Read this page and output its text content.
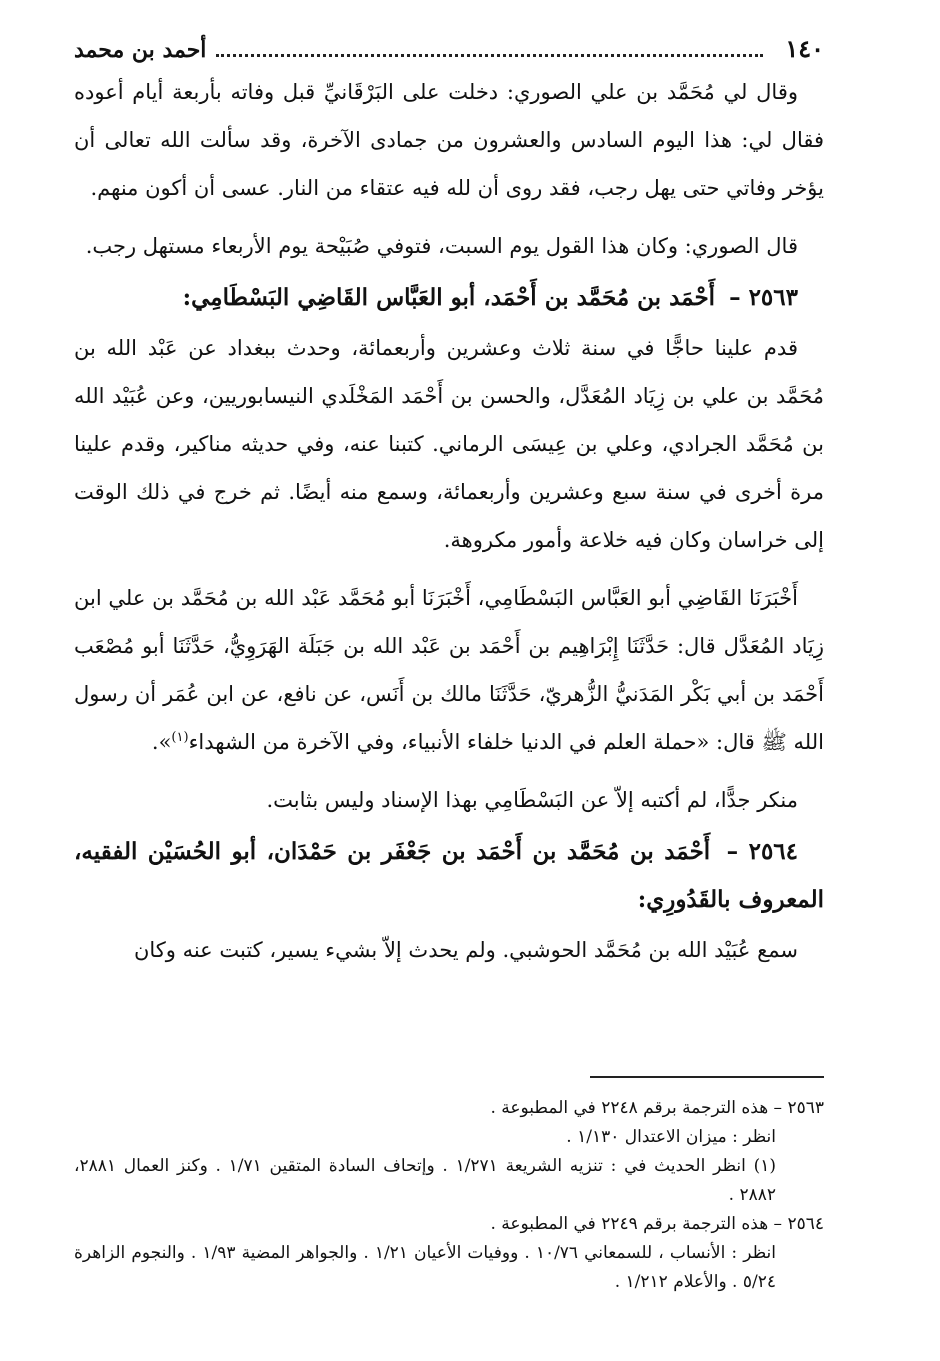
١٤٠
أحمد بن محمد

وقال لي مُحَمَّد بن علي الصوري: دخلت على البَرْقَانيِّ قبل وفاته بأربعة أيام أعوده فقال لي: هذا اليوم السادس والعشرون من جمادى الآخرة، وقد سألت الله تعالى أن يؤخر وفاتي حتى يهل رجب، فقد روى أن لله فيه عتقاء من النار. عسى أن أكون منهم.

قال الصوري: وكان هذا القول يوم السبت، فتوفي صُبَيْحة يوم الأربعاء مستهل رجب.

٢٥٦٣ – أَحْمَد بن مُحَمَّد بن أَحْمَد، أبو العَبَّاس القَاضِي البَسْطَامِي:

قدم علينا حاجًّا في سنة ثلاث وعشرين وأربعمائة، وحدث ببغداد عن عَبْد الله بن مُحَمَّد بن علي بن زِيَاد المُعَدَّل، والحسن بن أَحْمَد المَخْلَدي النيسابوريين، وعن عُبَيْد الله بن مُحَمَّد الجرادي، وعلي بن عِيسَى الرماني. كتبنا عنه، وفي حديثه مناكير، وقدم علينا مرة أخرى في سنة سبع وعشرين وأربعمائة، وسمع منه أيضًا. ثم خرج في ذلك الوقت إلى خراسان وكان فيه خلاعة وأمور مكروهة.

أَخْبَرَنَا القَاضِي أبو العَبَّاس البَسْطَامِي، أَخْبَرَنَا أبو مُحَمَّد عَبْد الله بن مُحَمَّد بن علي ابن زِيَاد المُعَدَّل قال: حَدَّثَنَا إِبْرَاهِيم بن أَحْمَد بن عَبْد الله بن جَبَلَة الهَرَوِيُّ، حَدَّثَنَا أبو مُصْعَب أَحْمَد بن أبي بَكْر المَدَنيُّ الزُّهريّ، حَدَّثَنَا مالك بن أَنَس، عن نافع، عن ابن عُمَر أن رسول الله ﷺ قال: «حملة العلم في الدنيا خلفاء الأنبياء، وفي الآخرة من الشهداء$^{(١)}$».

منكر جدًّا، لم أكتبه إلاّ عن البَسْطَامِي بهذا الإسناد وليس بثابت.

٢٥٦٤ – أَحْمَد بن مُحَمَّد بن أَحْمَد بن جَعْفَر بن حَمْدَان، أبو الحُسَيْن الفقيه، المعروف بالقَدُورِي:

سمع عُبَيْد الله بن مُحَمَّد الحوشبي. ولم يحدث إلاّ بشيء يسير، كتبت عنه وكان

٢٥٦٣ – هذه الترجمة برقم ٢٢٤٨ في المطبوعة .

انظر : ميزان الاعتدال ١/١٣٠ .

(١) انظر الحديث في : تنزيه الشريعة ١/٢٧١ . وإتحاف السادة المتقين ١/٧١ . وكنز العمال ٢٨٨١، ٢٨٨٢ .

٢٥٦٤ – هذه الترجمة برقم ٢٢٤٩ في المطبوعة .

انظر : الأنساب ، للسمعاني ١٠/٧٦ . ووفيات الأعيان ١/٢١ . والجواهر المضية ١/٩٣ . والنجوم الزاهرة ٥/٢٤ . والأعلام ١/٢١٢ .
